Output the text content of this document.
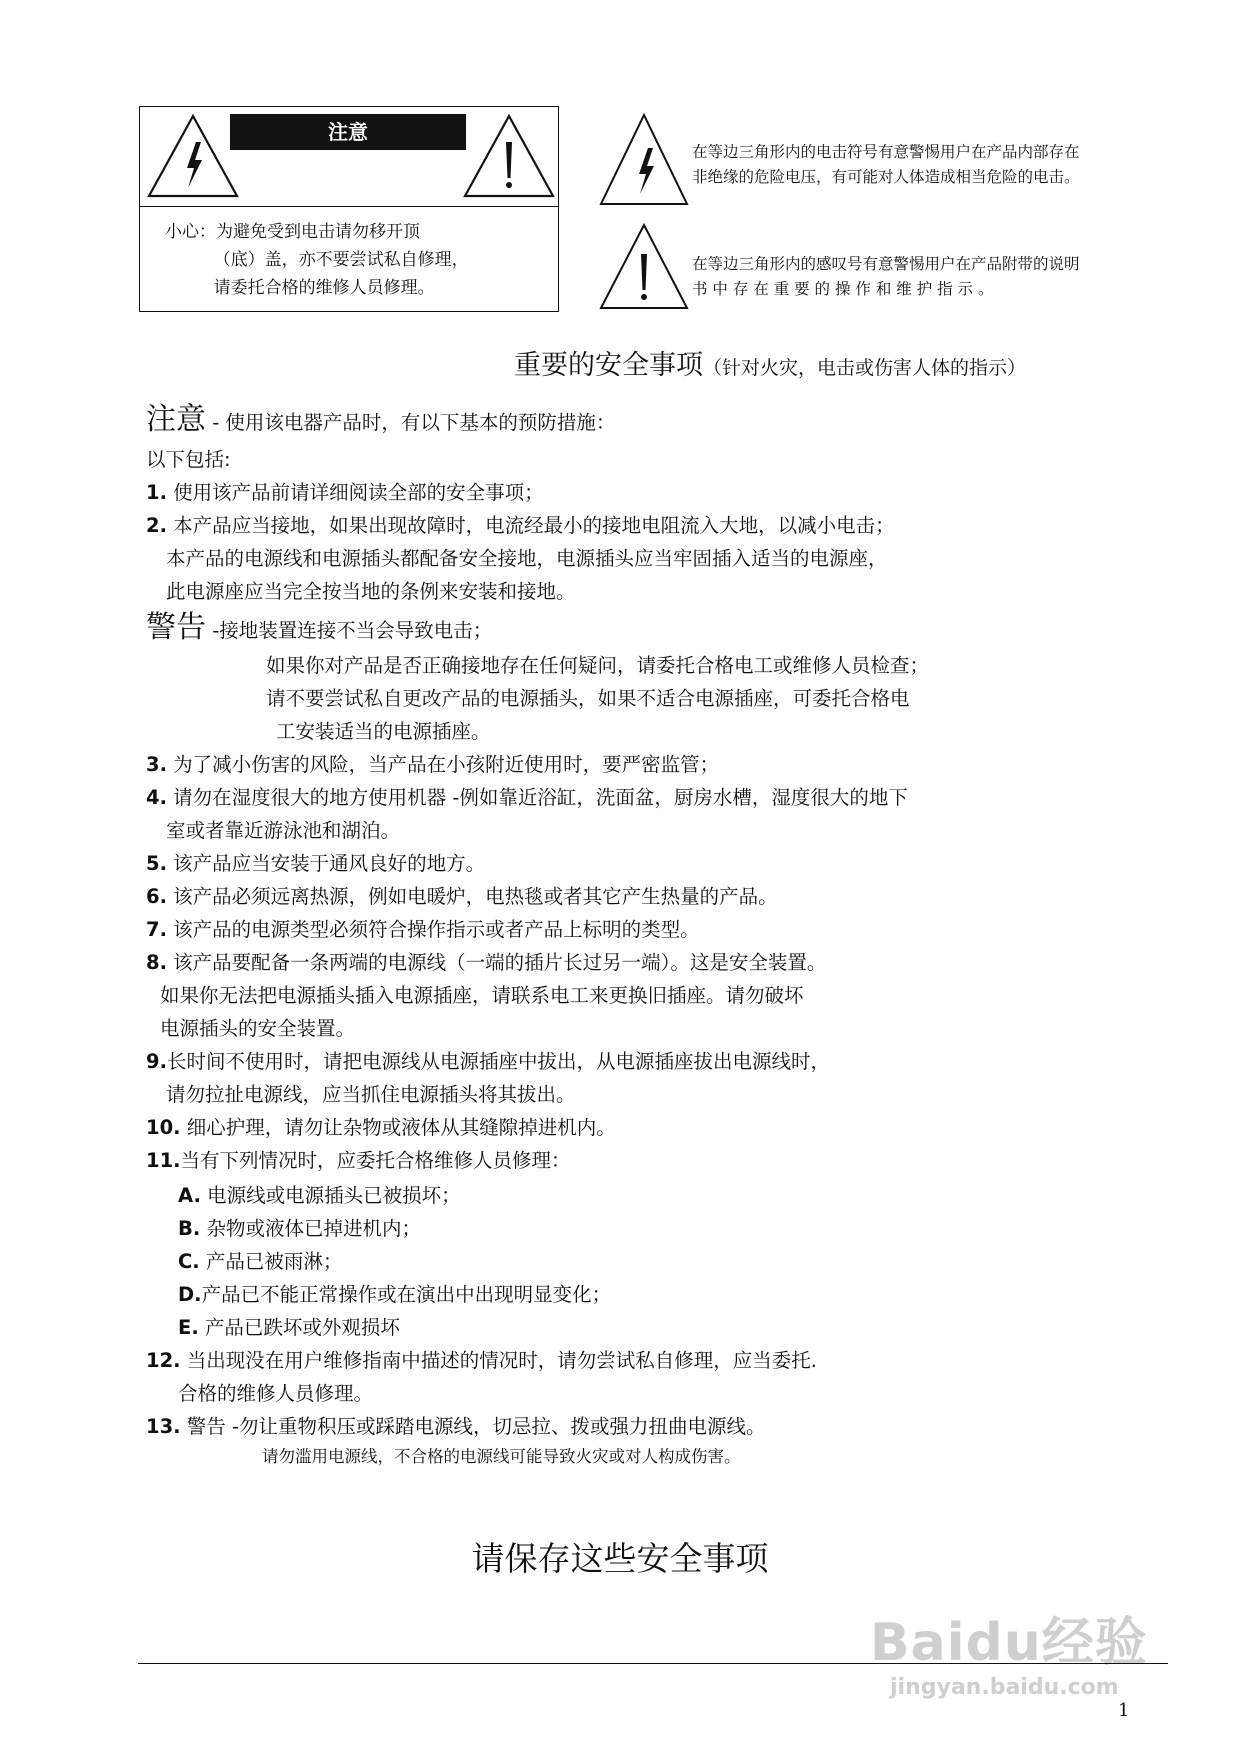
注意
小心：为避免受到电击请勿移开顶
（底）盖，亦不要尝试私自修理，
请委托合格的维修人员修理。
在等边三角形内的电击符号有意警惕用户在产品内部存在
非绝缘的危险电压，有可能对人体造成相当危险的电击。
在等边三角形内的感叹号有意警惕用户在产品附带的说明
书 中 存 在 重 要 的 操 作 和 维 护 指 示 。
重要的安全事项（针对火灾，电击或伤害人体的指示）
注意 - 使用该电器产品时，有以下基本的预防措施：
以下包括:
1. 使用该产品前请详细阅读全部的安全事项；
2. 本产品应当接地，如果出现故障时，电流经最小的接地电阻流入大地，以减小电击；
本产品的电源线和电源插头都配备安全接地，电源插头应当牢固插入适当的电源座，
此电源座应当完全按当地的条例来安装和接地。
警告 -接地装置连接不当会导致电击；
如果你对产品是否正确接地存在任何疑问，请委托合格电工或维修人员检查；
请不要尝试私自更改产品的电源插头，如果不适合电源插座，可委托合格电
工安装适当的电源插座。
3. 为了减小伤害的风险，当产品在小孩附近使用时，要严密监管；
4. 请勿在湿度很大的地方使用机器 -例如靠近浴缸，洗面盆，厨房水槽，湿度很大的地下
室或者靠近游泳池和湖泊。
5. 该产品应当安装于通风良好的地方。
6. 该产品必须远离热源，例如电暖炉，电热毯或者其它产生热量的产品。
7. 该产品的电源类型必须符合操作指示或者产品上标明的类型。
8. 该产品要配备一条两端的电源线（一端的插片长过另一端）。这是安全装置。
如果你无法把电源插头插入电源插座，请联系电工来更换旧插座。请勿破坏
电源插头的安全装置。
9.长时间不使用时，请把电源线从电源插座中拔出，从电源插座拔出电源线时，
请勿拉扯电源线，应当抓住电源插头将其拔出。
10. 细心护理，请勿让杂物或液体从其缝隙掉进机内。
11.当有下列情况时，应委托合格维修人员修理：
A. 电源线或电源插头已被损坏；
B. 杂物或液体已掉进机内；
C. 产品已被雨淋；
D.产品已不能正常操作或在演出中出现明显变化；
E. 产品已跌坏或外观损坏
12. 当出现没在用户维修指南中描述的情况时，请勿尝试私自修理，应当委托.
合格的维修人员修理。
13. 警告 -勿让重物积压或踩踏电源线，切忌拉、拨或强力扭曲电源线。
请勿滥用电源线，不合格的电源线可能导致火灾或对人构成伤害。
请保存这些安全事项
Baidu经验
jingyan.baidu.com
1
